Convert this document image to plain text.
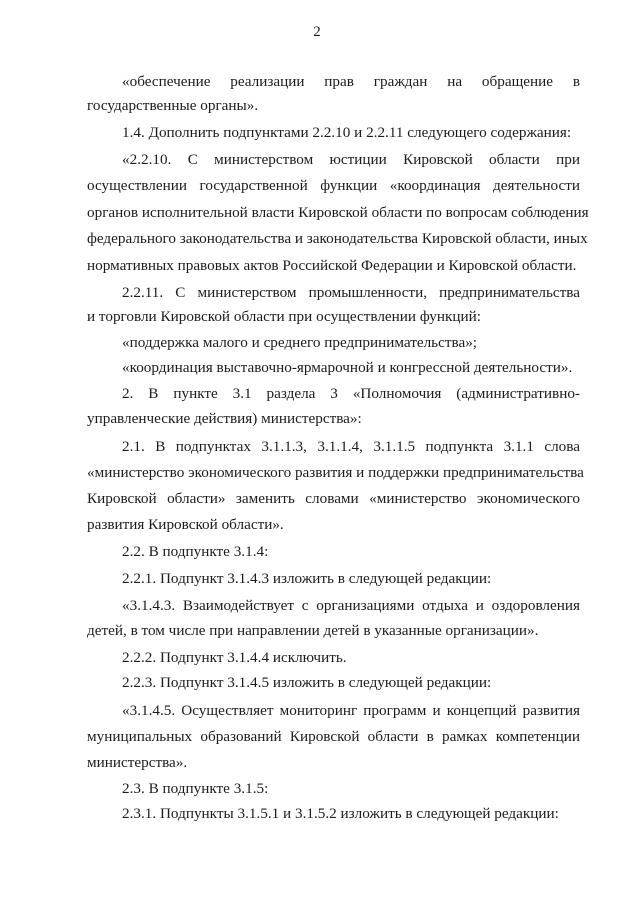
2
«обеспечение реализации прав граждан на обращение в
государственные органы».
1.4. Дополнить подпунктами 2.2.10 и 2.2.11 следующего содержания:
«2.2.10. С министерством юстиции Кировской области при
осуществлении государственной функции «координация деятельности
органов исполнительной власти Кировской области по вопросам соблюдения
федерального законодательства и законодательства Кировской области, иных
нормативных правовых актов Российской Федерации и Кировской области.
2.2.11. С министерством промышленности, предпринимательства
и торговли Кировской области при осуществлении функций:
«поддержка малого и среднего предпринимательства»;
«координация выставочно-ярмарочной и конгрессной деятельности».
2. В пункте 3.1 раздела 3 «Полномочия (административно-
управленческие действия) министерства»:
2.1. В подпунктах 3.1.1.3, 3.1.1.4, 3.1.1.5 подпункта 3.1.1 слова
«министерство экономического развития и поддержки предпринимательства
Кировской области» заменить словами «министерство экономического
развития Кировской области».
2.2. В подпункте 3.1.4:
2.2.1. Подпункт 3.1.4.3 изложить в следующей редакции:
«3.1.4.3. Взаимодействует с организациями отдыха и оздоровления
детей, в том числе при направлении детей в указанные организации».
2.2.2. Подпункт 3.1.4.4 исключить.
2.2.3. Подпункт 3.1.4.5 изложить в следующей редакции:
«3.1.4.5. Осуществляет мониторинг программ и концепций развития
муниципальных образований Кировской области в рамках компетенции
министерства».
2.3. В подпункте 3.1.5:
2.3.1. Подпункты 3.1.5.1 и 3.1.5.2 изложить в следующей редакции:
